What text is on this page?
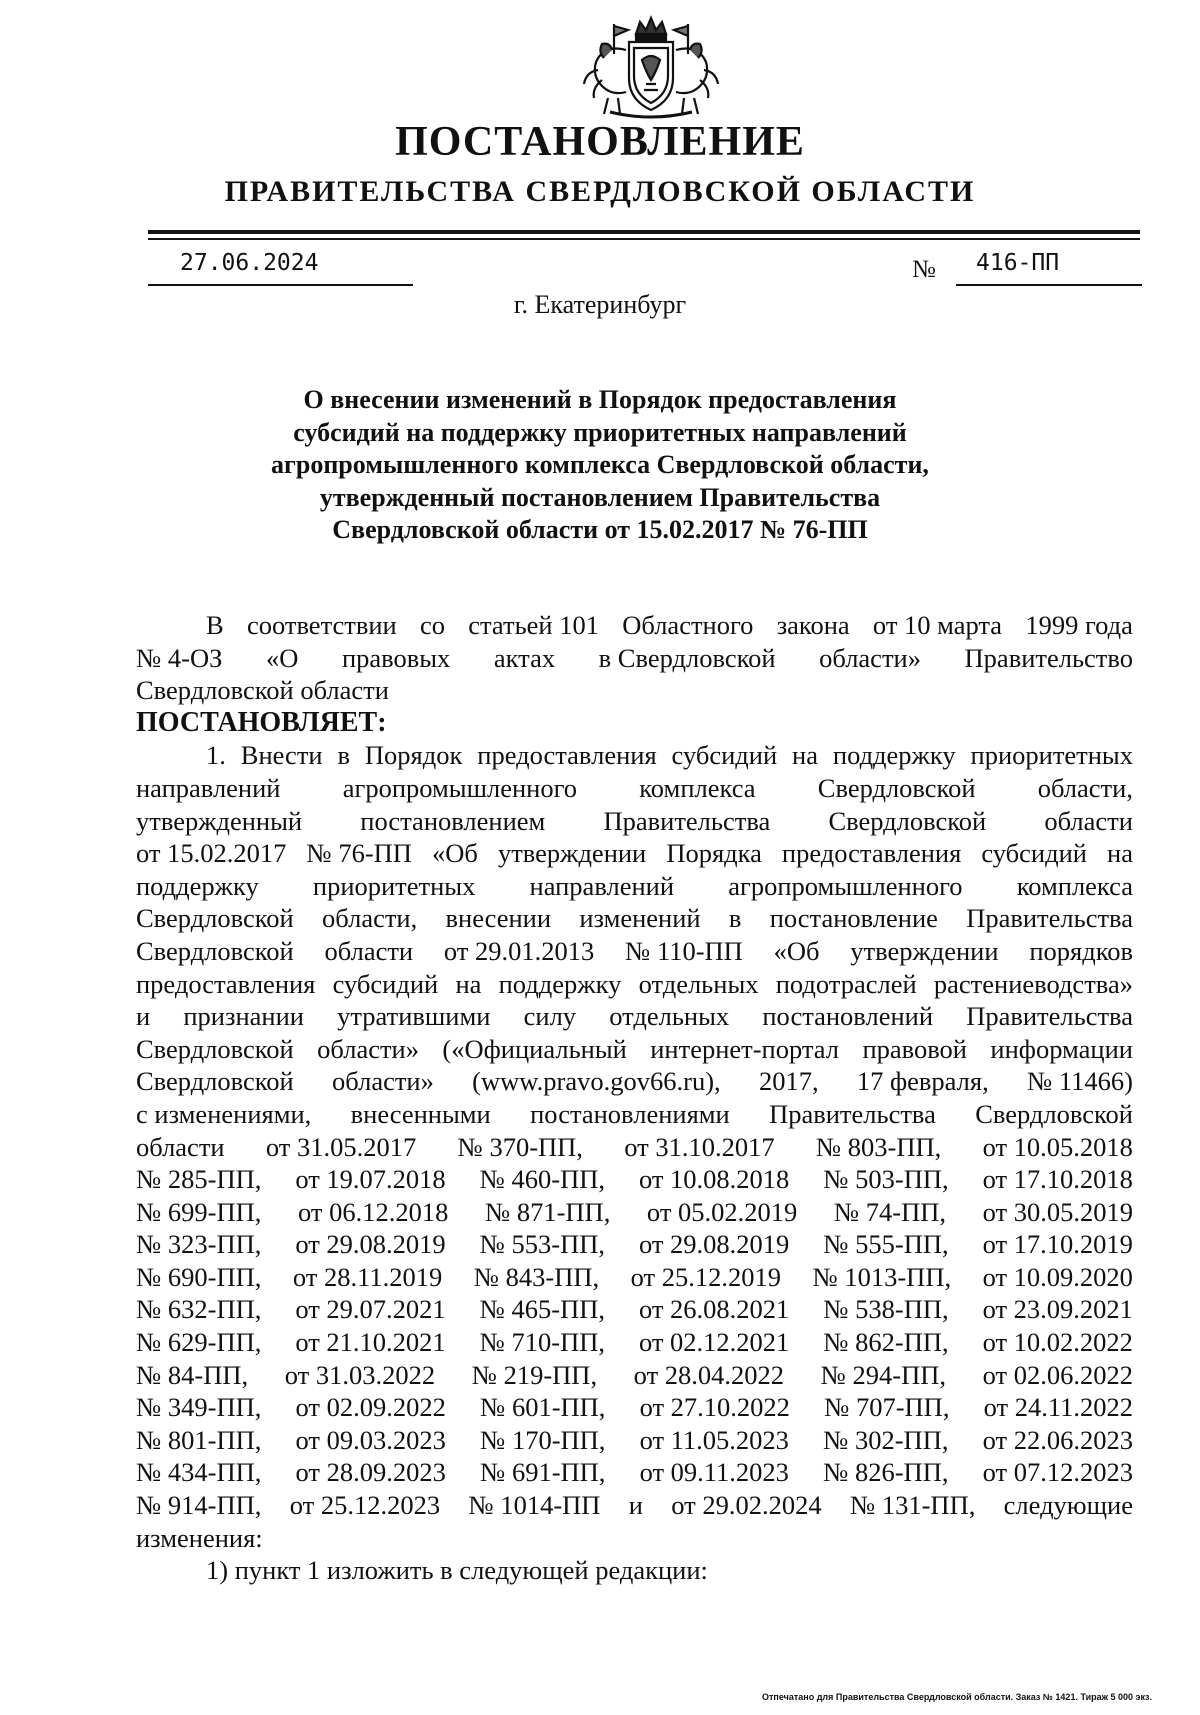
ПОСТАНОВЛЕНИЕ
ПРАВИТЕЛЬСТВА СВЕРДЛОВСКОЙ ОБЛАСТИ
27.06.2024	№ 416-ПП
г. Екатеринбург
О внесении изменений в Порядок предоставления
субсидий на поддержку приоритетных направлений
агропромышленного комплекса Свердловской области,
утвержденный постановлением Правительства
Свердловской области от 15.02.2017 № 76-ПП
В соответствии со статьей 101 Областного закона от 10 марта 1999 года
№ 4-ОЗ «О правовых актах в Свердловской области» Правительство
Свердловской области
ПОСТАНОВЛЯЕТ:
1. Внести в Порядок предоставления субсидий на поддержку приоритетных
направлений агропромышленного комплекса Свердловской области,
утвержденный постановлением Правительства Свердловской области
от 15.02.2017 № 76-ПП «Об утверждении Порядка предоставления субсидий на
поддержку приоритетных направлений агропромышленного комплекса
Свердловской области, внесении изменений в постановление Правительства
Свердловской области от 29.01.2013 № 110-ПП «Об утверждении порядков
предоставления субсидий на поддержку отдельных подотраслей растениеводства»
и признании утратившими силу отдельных постановлений Правительства
Свердловской области» («Официальный интернет-портал правовой информации
Свердловской области» (www.pravo.gov66.ru), 2017, 17 февраля, № 11466)
с изменениями, внесенными постановлениями Правительства Свердловской
области от 31.05.2017 № 370-ПП, от 31.10.2017 № 803-ПП, от 10.05.2018
№ 285-ПП, от 19.07.2018 № 460-ПП, от 10.08.2018 № 503-ПП, от 17.10.2018
№ 699-ПП, от 06.12.2018 № 871-ПП, от 05.02.2019 № 74-ПП, от 30.05.2019
№ 323-ПП, от 29.08.2019 № 553-ПП, от 29.08.2019 № 555-ПП, от 17.10.2019
№ 690-ПП, от 28.11.2019 № 843-ПП, от 25.12.2019 № 1013-ПП, от 10.09.2020
№ 632-ПП, от 29.07.2021 № 465-ПП, от 26.08.2021 № 538-ПП, от 23.09.2021
№ 629-ПП, от 21.10.2021 № 710-ПП, от 02.12.2021 № 862-ПП, от 10.02.2022
№ 84-ПП, от 31.03.2022 № 219-ПП, от 28.04.2022 № 294-ПП, от 02.06.2022
№ 349-ПП, от 02.09.2022 № 601-ПП, от 27.10.2022 № 707-ПП, от 24.11.2022
№ 801-ПП, от 09.03.2023 № 170-ПП, от 11.05.2023 № 302-ПП, от 22.06.2023
№ 434-ПП, от 28.09.2023 № 691-ПП, от 09.11.2023 № 826-ПП, от 07.12.2023
№ 914-ПП, от 25.12.2023 № 1014-ПП и от 29.02.2024 № 131-ПП, следующие
изменения:
1) пункт 1 изложить в следующей редакции:
Отпечатано для Правительства Свердловской области. Заказ № 1421. Тираж 5 000 экз.
